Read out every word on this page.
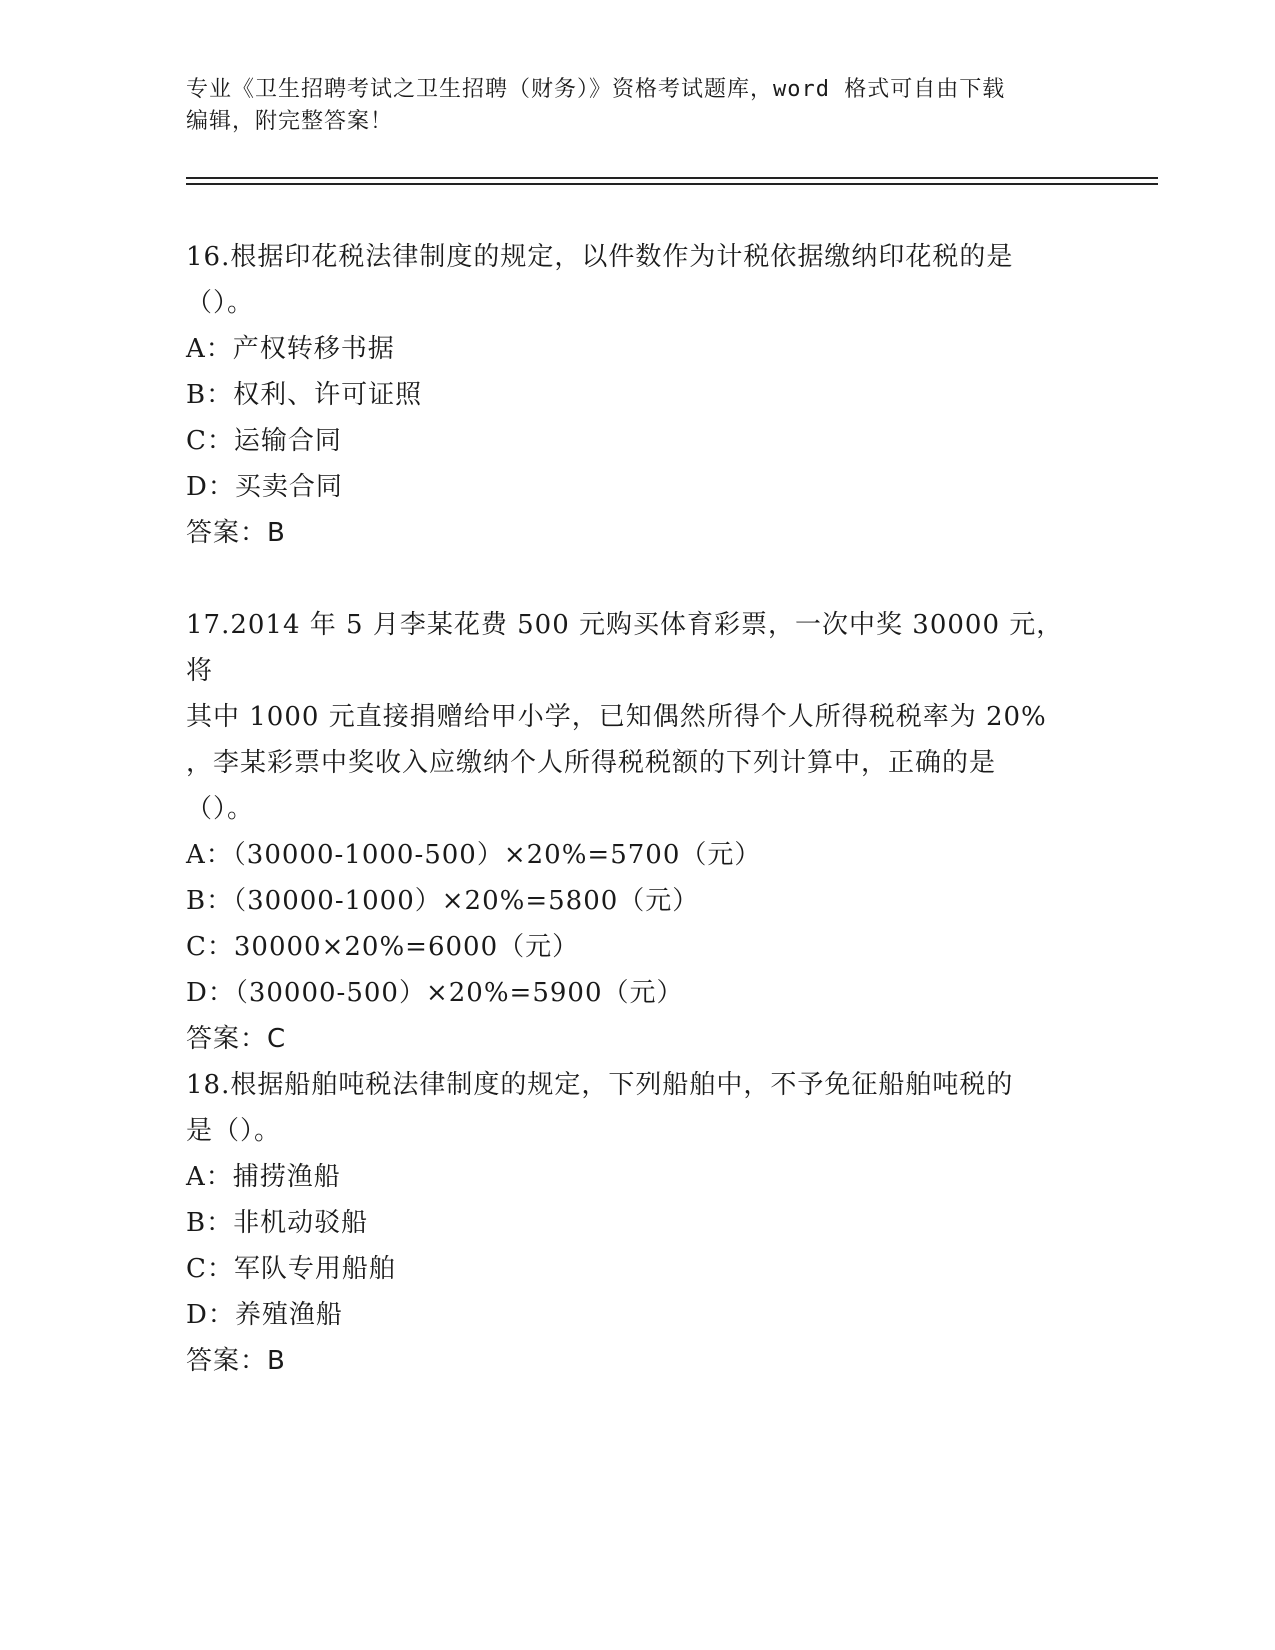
专业《卫生招聘考试之卫生招聘（财务）》资格考试题库，word 格式可自由下载
编辑，附完整答案！
16.根据印花税法律制度的规定，以件数作为计税依据缴纳印花税的是
（）。
A：产权转移书据
B：权利、许可证照
C：运输合同
D：买卖合同
答案：B
17.2014 年 5 月李某花费 500 元购买体育彩票，一次中奖 30000 元，将
其中 1000 元直接捐赠给甲小学，已知偶然所得个人所得税税率为 20%
，李某彩票中奖收入应缴纳个人所得税税额的下列计算中，正确的是
（）。
A：（30000-1000-500）×20%=5700（元）
B：（30000-1000）×20%=5800（元）
C：30000×20%=6000（元）
D：（30000-500）×20%=5900（元）
答案：C
18.根据船舶吨税法律制度的规定，下列船舶中，不予免征船舶吨税的
是（）。
A：捕捞渔船
B：非机动驳船
C：军队专用船舶
D：养殖渔船
答案：B
